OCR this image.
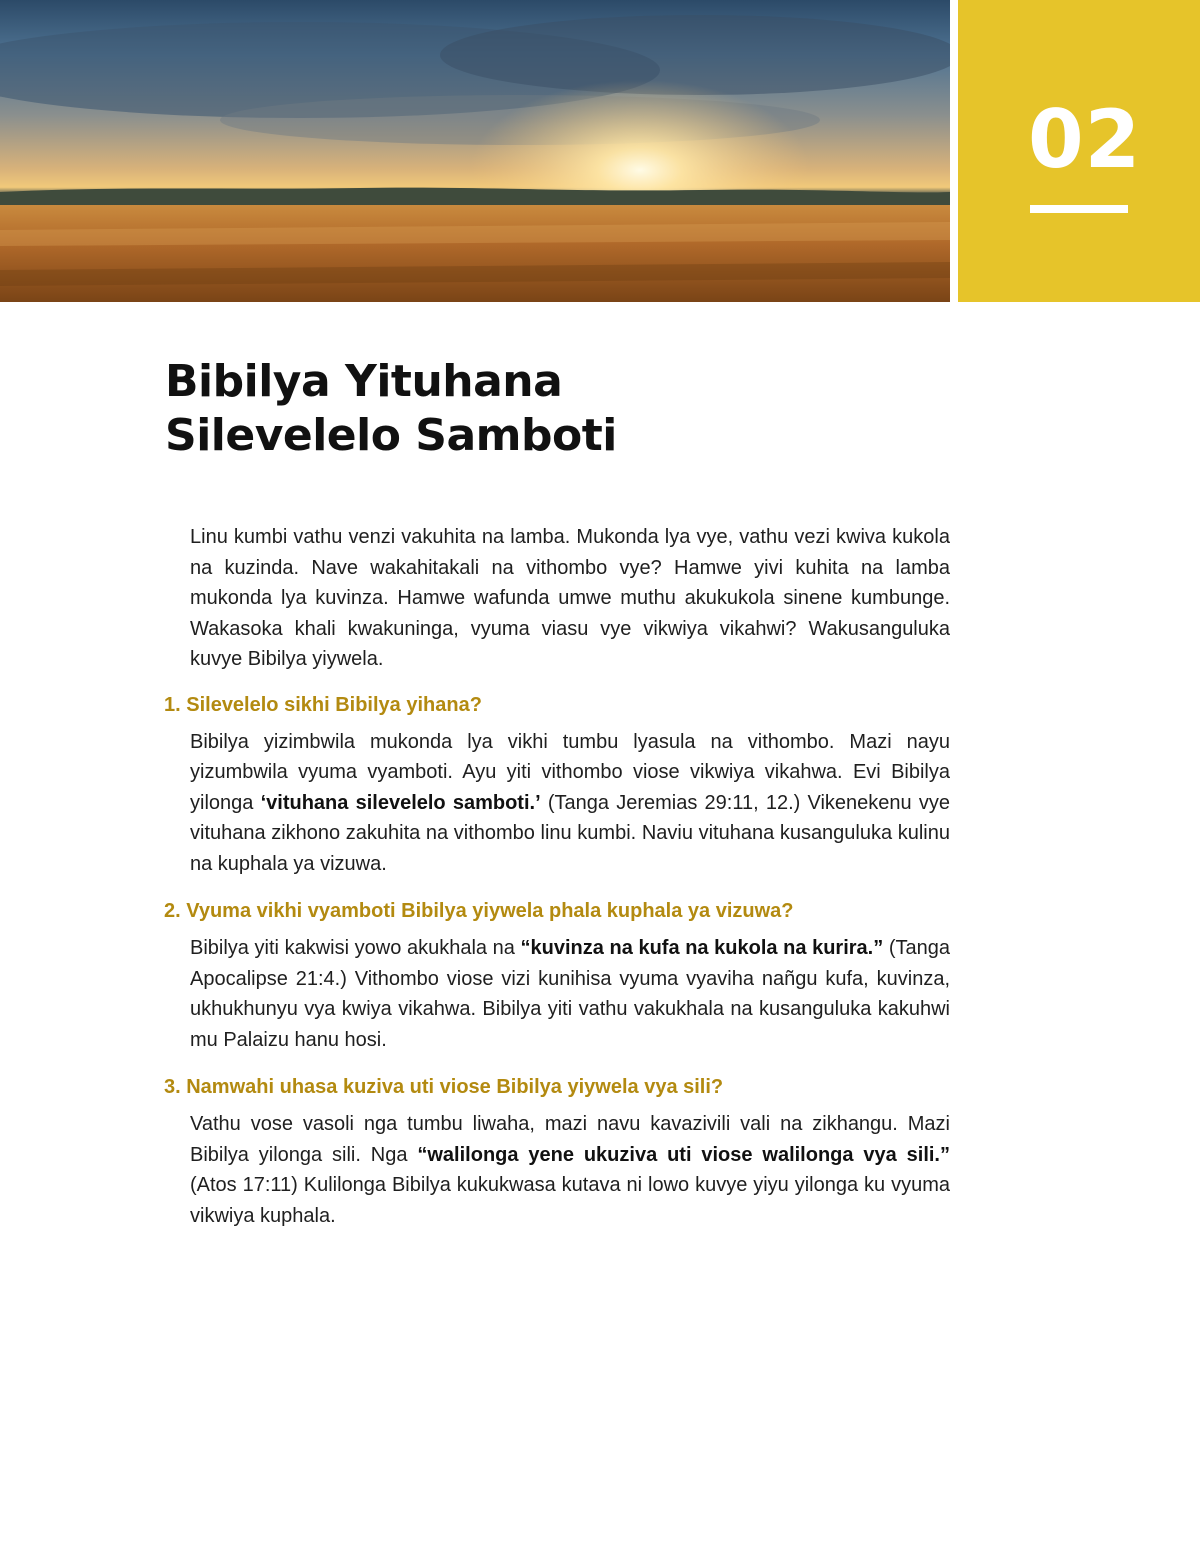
02
Bibilya Yituhana
Silevelelo Samboti

Linu kumbi vathu venzi vakuhita na lamba. Mukonda lya vye, vathu vezi kwiva kukola na kuzinda. Nave wakahitakali na vithombo vye? Hamwe yivi kuhita na lamba mukonda lya kuvinza. Hamwe wafunda umwe muthu akukukola sinene kumbunge. Wakasoka khali kwakuninga, vyuma viasu vye vikwiya vikahwi? Wakusanguluka kuvye Bibilya yiywela.

1. Silevelelo sikhi Bibilya yihana?

Bibilya yizimbwila mukonda lya vikhi tumbu lyasula na vithombo. Mazi nayu yizumbwila vyuma vyamboti. Ayu yiti vithombo viose vikwiya vikahwa. Evi Bibilya yilonga ‘vituhana silevelelo samboti.’ (Tanga Jeremias 29:11, 12.) Vikenekenu vye vituhana zikhono zakuhita na vithombo linu kumbi. Naviu vituhana kusanguluka kulinu na kuphala ya vizuwa.

2. Vyuma vikhi vyamboti Bibilya yiywela phala kuphala ya vizuwa?

Bibilya yiti kakwisi yowo akukhala na “kuvinza na kufa na kukola na kurira.” (Tanga Apocalipse 21:4.) Vithombo viose vizi kunihisa vyuma vyaviha nañgu kufa, kuvinza, ukhukhunyu vya kwiya vikahwa. Bibilya yiti vathu vakukhala na kusanguluka kakuhwi mu Palaizu hanu hosi.

3. Namwahi uhasa kuziva uti viose Bibilya yiywela vya sili?

Vathu vose vasoli nga tumbu liwaha, mazi navu kavazivili vali na zikhangu. Mazi Bibilya yilonga sili. Nga “walilonga yene ukuziva uti viose walilonga vya sili.” (Atos 17:11) Kulilonga Bibilya kukukwasa kutava ni lowo kuvye yiyu yilonga ku vyuma vikwiya kuphala.
